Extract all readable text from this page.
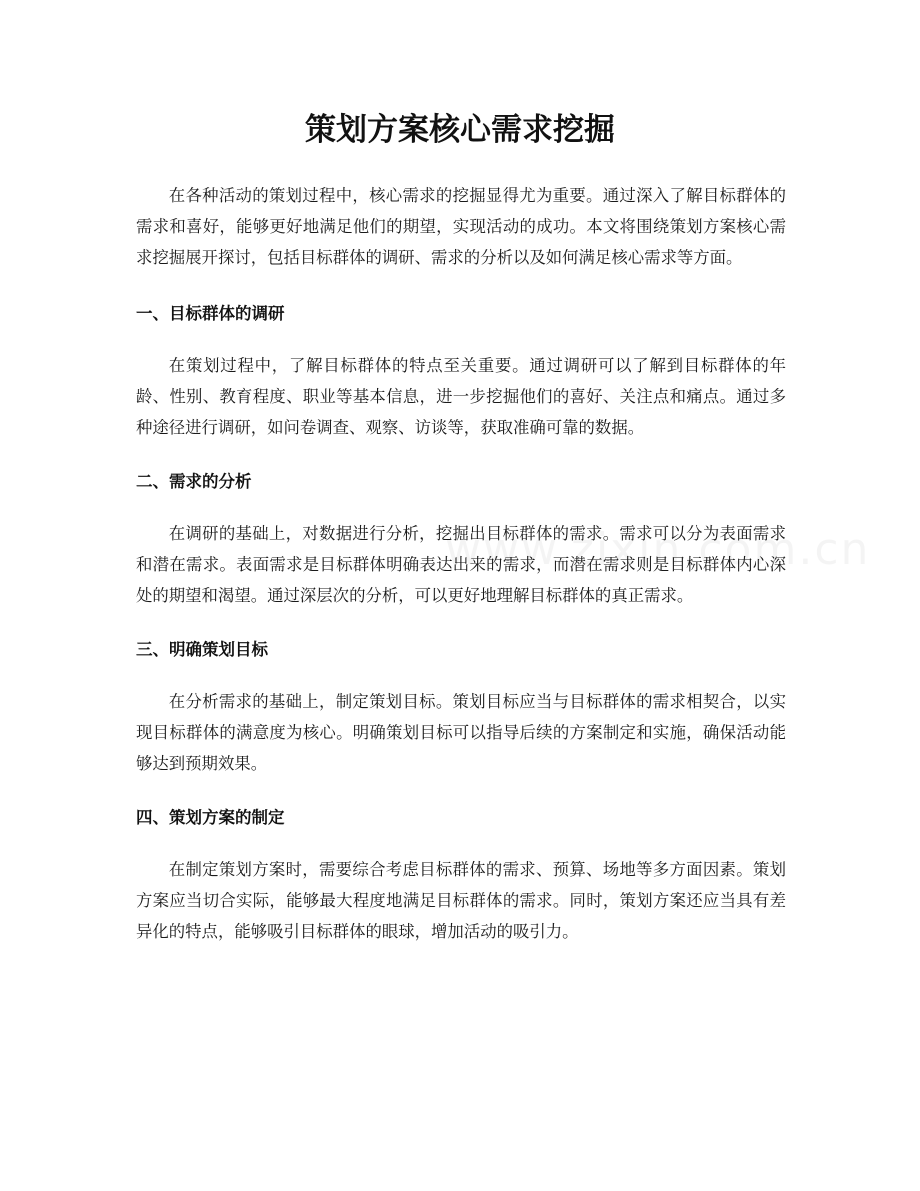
策划方案核心需求挖掘

在各种活动的策划过程中，核心需求的挖掘显得尤为重要。通过深入了解目标群体的需求和喜好，能够更好地满足他们的期望，实现活动的成功。本文将围绕策划方案核心需求挖掘展开探讨，包括目标群体的调研、需求的分析以及如何满足核心需求等方面。

一、目标群体的调研

在策划过程中，了解目标群体的特点至关重要。通过调研可以了解到目标群体的年龄、性别、教育程度、职业等基本信息，进一步挖掘他们的喜好、关注点和痛点。通过多种途径进行调研，如问卷调查、观察、访谈等，获取准确可靠的数据。

二、需求的分析

在调研的基础上，对数据进行分析，挖掘出目标群体的需求。需求可以分为表面需求和潜在需求。表面需求是目标群体明确表达出来的需求，而潜在需求则是目标群体内心深处的期望和渴望。通过深层次的分析，可以更好地理解目标群体的真正需求。

三、明确策划目标

在分析需求的基础上，制定策划目标。策划目标应当与目标群体的需求相契合，以实现目标群体的满意度为核心。明确策划目标可以指导后续的方案制定和实施，确保活动能够达到预期效果。

四、策划方案的制定

在制定策划方案时，需要综合考虑目标群体的需求、预算、场地等多方面因素。策划方案应当切合实际，能够最大程度地满足目标群体的需求。同时，策划方案还应当具有差异化的特点，能够吸引目标群体的眼球，增加活动的吸引力。
